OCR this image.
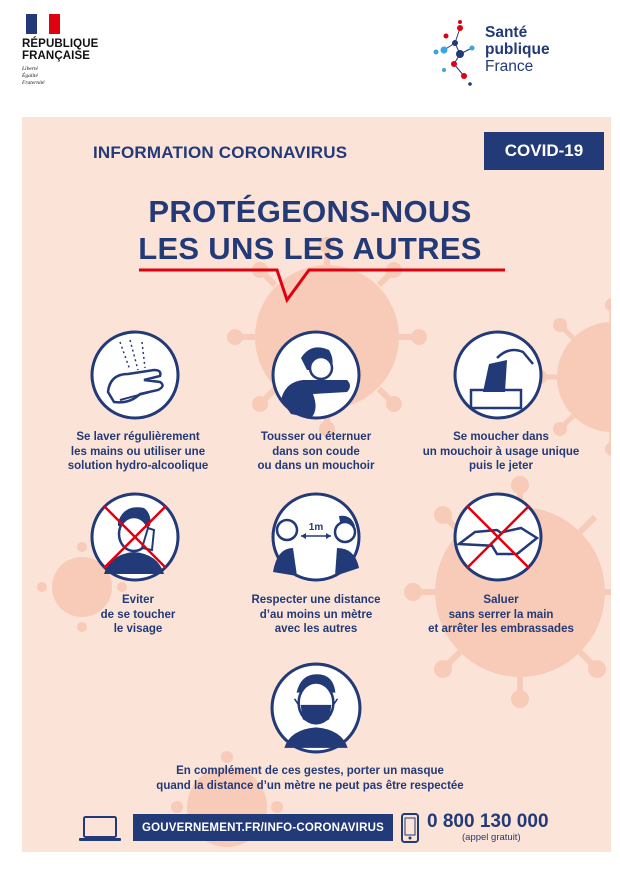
RÉPUBLIQUE
FRANÇAISE
Liberté
Égalité
Fraternité
Santé
publique
France
INFORMATION CORONAVIRUS	COVID-19
PROTÉGEONS-NOUS
LES UNS LES AUTRES
Se laver régulièrement
les mains ou utiliser une
solution hydro-alcoolique
Tousser ou éternuer
dans son coude
ou dans un mouchoir
Se moucher dans
un mouchoir à usage unique
puis le jeter
1m
Eviter
de se toucher
le visage
Respecter une distance
d’au moins un mètre
avec les autres
Saluer
sans serrer la main
et arrêter les embrassades
En complément de ces gestes, porter un masque
quand la distance d’un mètre ne peut pas être respectée
GOUVERNEMENT.FR/INFO-CORONAVIRUS	0 800 130 000
(appel gratuit)
